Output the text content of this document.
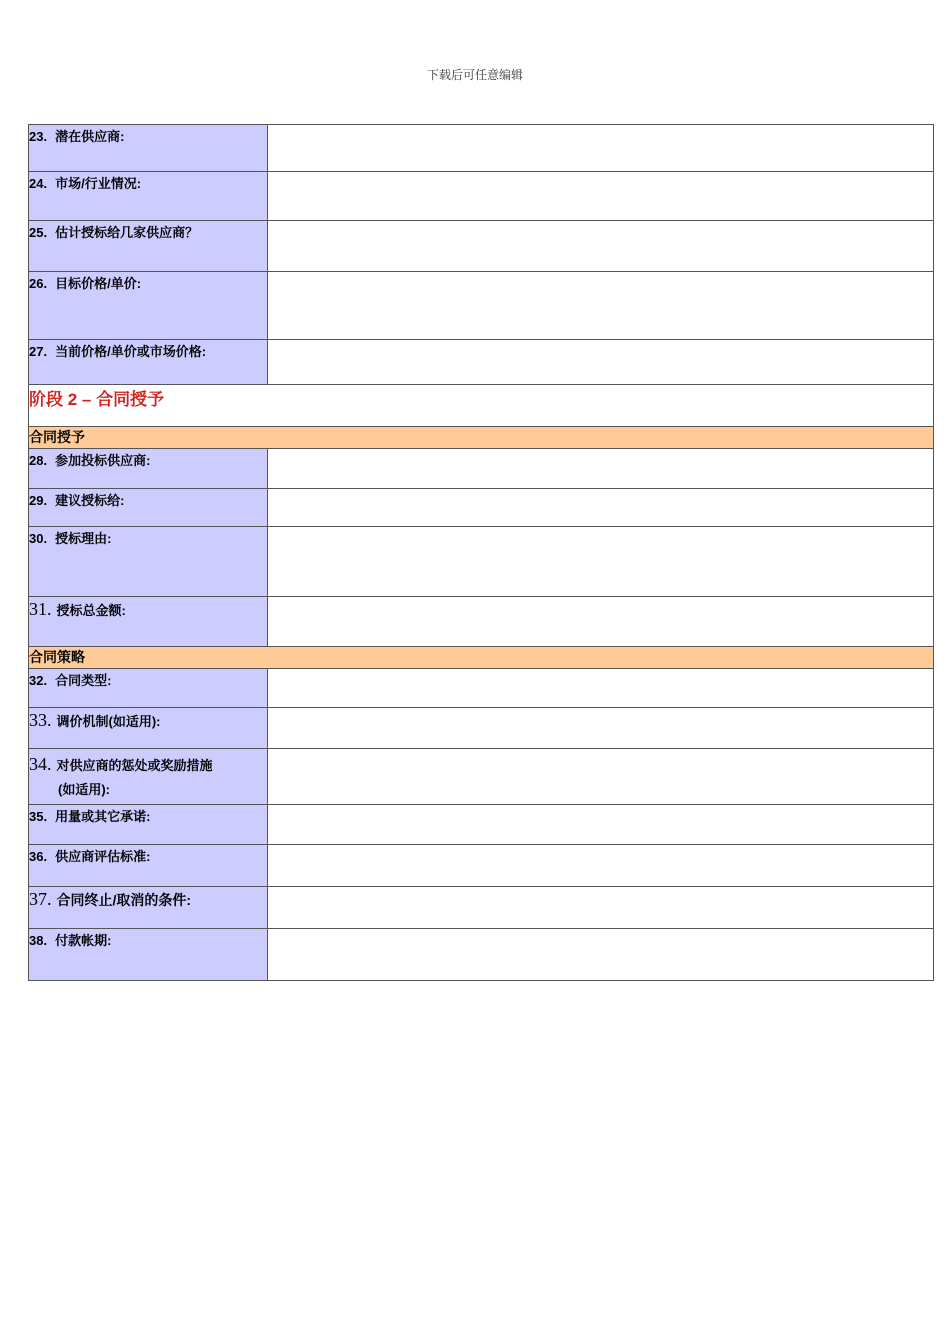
下载后可任意编辑
23. 潜在供应商:	
24. 市场/行业情况:	
25. 估计授标给几家供应商？	
26. 目标价格/单价:	
27. 当前价格/单价或市场价格:	
阶段 2 – 合同授予	
合同授予	
28. 参加投标供应商:	
29. 建议授标给:	
30. 授标理由:	
31. 授标总金额:	
合同策略	
32. 合同类型:	
33. 调价机制(如适用):	
34. 对供应商的惩处或奖励措施
(如适用):	

35. 用量或其它承诺:	
36. 供应商评估标准:	
37. 合同终止/取消的条件:	
38. 付款帐期:	
